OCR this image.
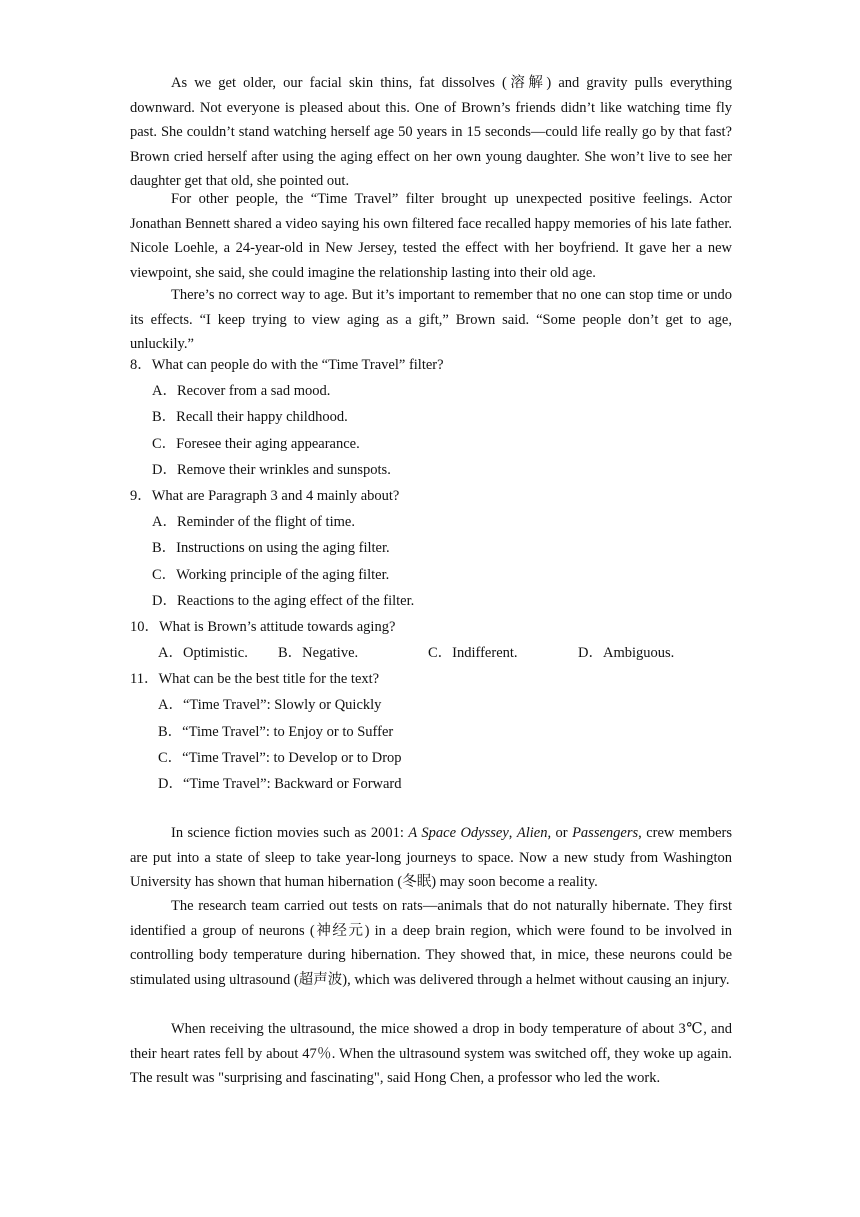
As we get older, our facial skin thins, fat dissolves (溶解) and gravity pulls everything downward. Not everyone is pleased about this. One of Brown’s friends didn’t like watching time fly past. She couldn’t stand watching herself age 50 years in 15 seconds—could life really go by that fast? Brown cried herself after using the aging effect on her own young daughter. She won’t live to see her daughter get that old, she pointed out.

For other people, the “Time Travel” filter brought up unexpected positive feelings. Actor Jonathan Bennett shared a video saying his own filtered face recalled happy memories of his late father. Nicole Loehle, a 24-year-old in New Jersey, tested the effect with her boyfriend. It gave her a new viewpoint, she said, she could imagine the relationship lasting into their old age.

There’s no correct way to age. But it’s important to remember that no one can stop time or undo its effects. “I keep trying to view aging as a gift,” Brown said. “Some people don’t get to age, unluckily.”

8．What can people do with the “Time Travel” filter?

A．Recover from a sad mood.

B．Recall their happy childhood.

C．Foresee their aging appearance.

D．Remove their wrinkles and sunspots.

9．What are Paragraph 3 and 4 mainly about?

A．Reminder of the flight of time.

B．Instructions on using the aging filter.

C．Working principle of the aging filter.

D．Reactions to the aging effect of the filter.

10．What is Brown’s attitude towards aging?

A．Optimistic. B．Negative.	C．Indifferent.	D．Ambiguous.

11．What can be the best title for the text?

A．“Time Travel”: Slowly or Quickly

B．“Time Travel”: to Enjoy or to Suffer

C．“Time Travel”: to Develop or to Drop

D．“Time Travel”: Backward or Forward

In science fiction movies such as 2001: A Space Odyssey, Alien, or Passengers, crew members are put into a state of sleep to take year-long journeys to space. Now a new study from Washington University has shown that human hibernation (冬眠) may soon become a reality.

The research team carried out tests on rats—animals that do not naturally hibernate. They first identified a group of neurons (神经元) in a deep brain region, which were found to be involved in controlling body temperature during hibernation. They showed that, in mice, these neurons could be stimulated using ultrasound (超声波), which was delivered through a helmet without causing an injury.

When receiving the ultrasound, the mice showed a drop in body temperature of about 3℃, and their heart rates fell by about 47％. When the ultrasound system was switched off, they woke up again. The result was "surprising and fascinating", said Hong Chen, a professor who led the work.
